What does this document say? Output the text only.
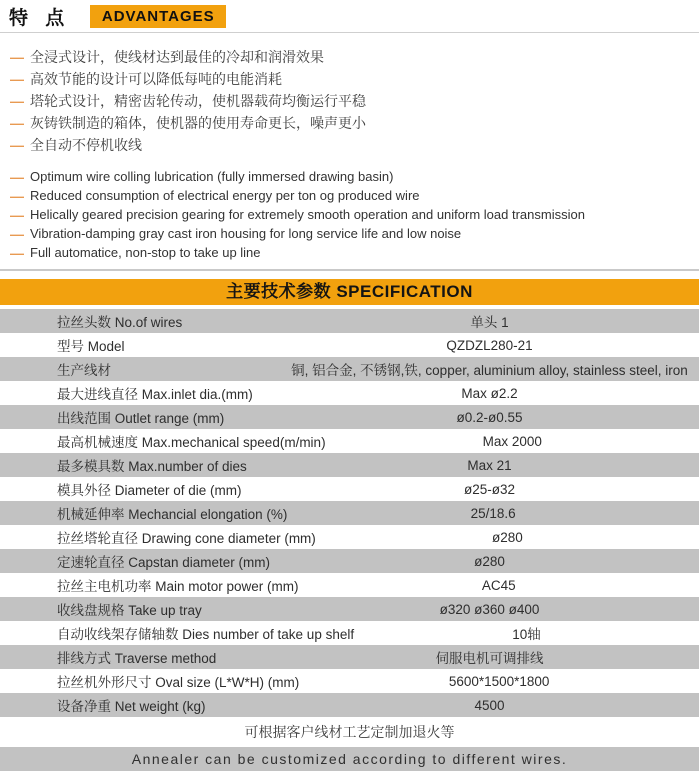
特 点	ADVANTAGES
— 全浸式设计，使线材达到最佳的冷却和润滑效果
— 高效节能的设计可以降低每吨的电能消耗
— 塔轮式设计，精密齿轮传动，使机器载荷均衡运行平稳
— 灰铸铁制造的箱体，使机器的使用寿命更长，噪声更小
— 全自动不停机收线
— Optimum wire colling lubrication (fully immersed drawing basin)
— Reduced consumption of electrical energy per ton og produced wire
— Helically geared precision gearing for extremely smooth operation and uniform load transmission
— Vibration-damping gray cast iron housing for long service life and low noise
— Full automatice, non-stop to take up line
主要技术参数 SPECIFICATION
拉丝头数 No.of wires	单头 1
型号 Model	QZDZL280-21
生产线材	铜, 铝合金, 不锈钢,铁, copper, aluminium alloy, stainless steel, iron
最大进线直径 Max.inlet dia.(mm)	Max ø2.2
出线范围 Outlet range (mm)	ø0.2-ø0.55
最高机械速度 Max.mechanical speed(m/min)	Max 2000
最多模具数 Max.number of dies	Max 21
模具外径 Diameter of die (mm)	ø25-ø32
机械延伸率 Mechancial elongation (%)	25/18.6
拉丝塔轮直径 Drawing cone diameter (mm)	ø280
定速轮直径 Capstan diameter (mm)	ø280
拉丝主电机功率 Main motor power (mm)	AC45
收线盘规格 Take up tray	ø320 ø360 ø400
自动收线架存储轴数 Dies number of take up shelf	10轴
排线方式 Traverse method	伺服电机可调排线
拉丝机外形尺寸 Oval size (L*W*H) (mm)	5600*1500*1800
设备净重 Net weight (kg)	4500
可根据客户线材工艺定制加退火等
Annealer can be customized according to different wires.
